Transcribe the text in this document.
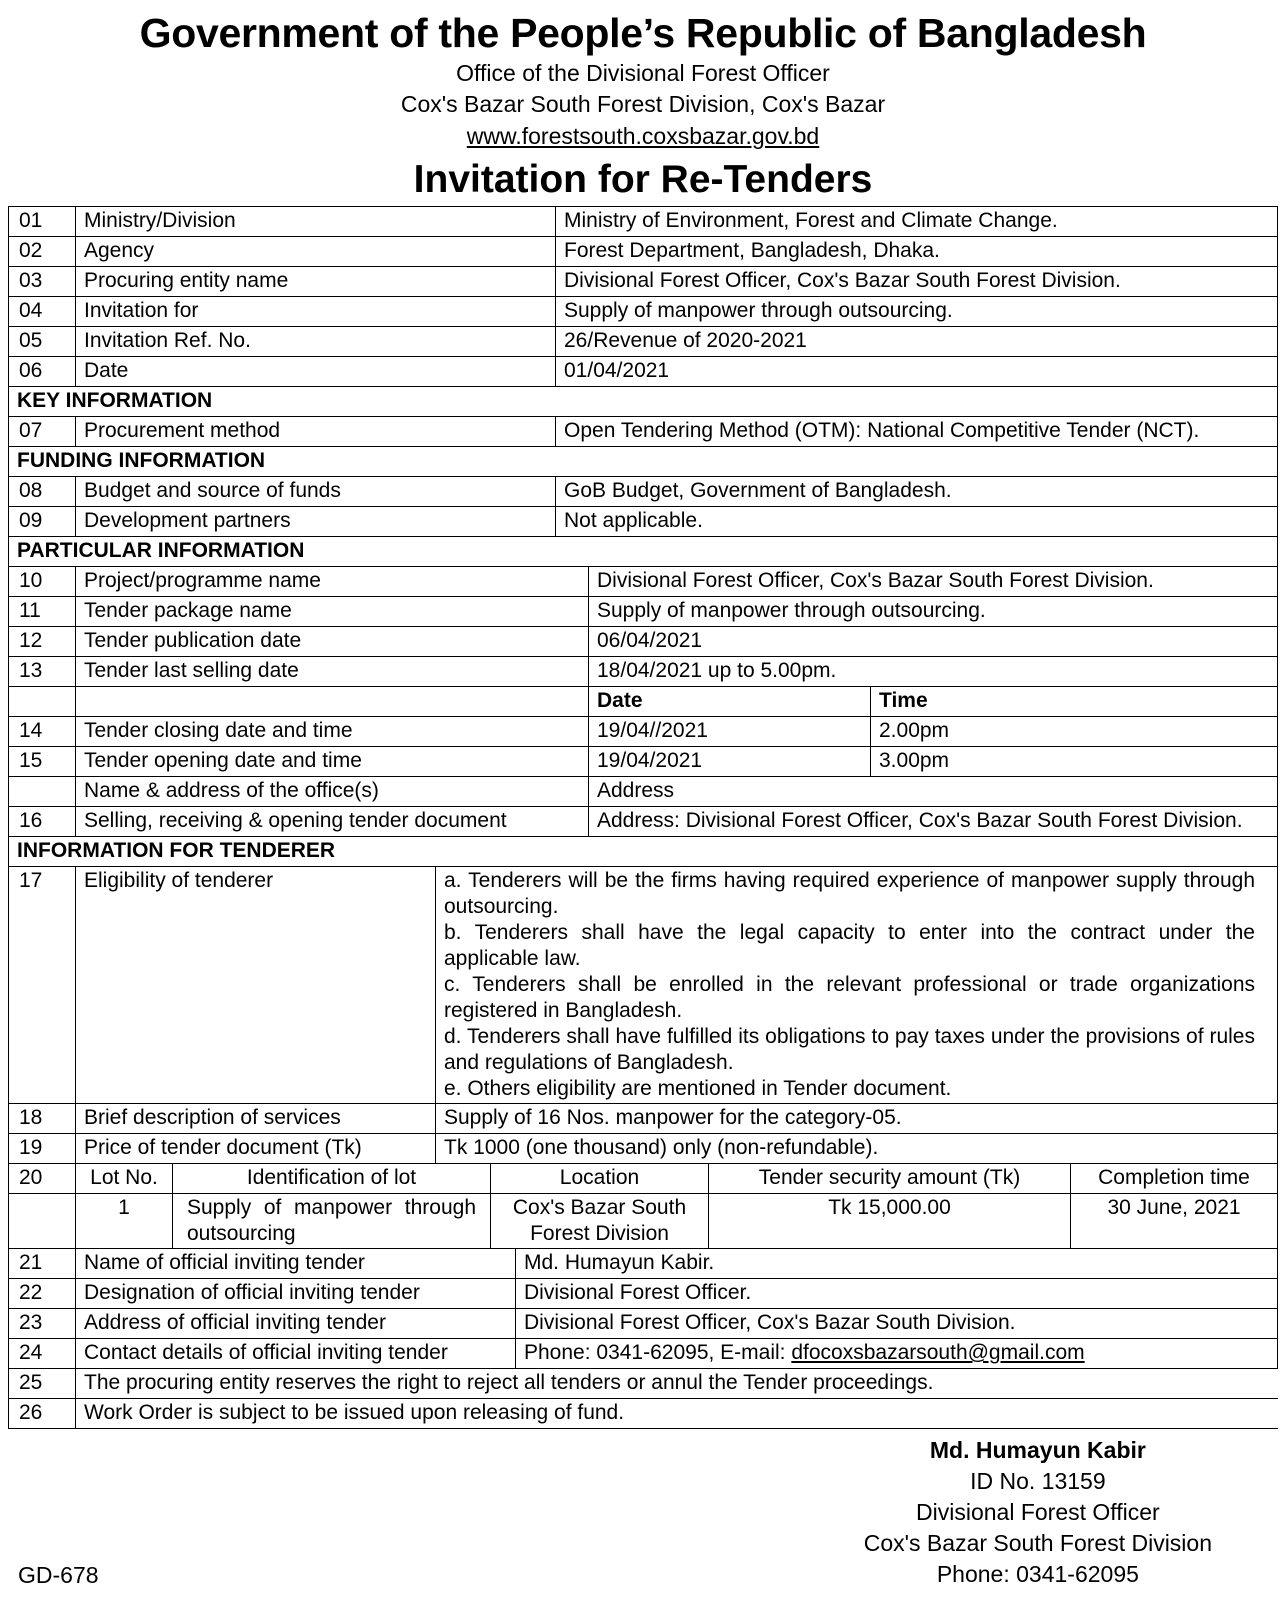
Government of the People’s Republic of Bangladesh
Office of the Divisional Forest Officer
Cox's Bazar South Forest Division, Cox's Bazar
www.forestsouth.coxsbazar.gov.bd
Invitation for Re-Tenders
01	Ministry/Division	Ministry of Environment, Forest and Climate Change.
02	Agency	Forest Department, Bangladesh, Dhaka.
03	Procuring entity name	Divisional Forest Officer, Cox's Bazar South Forest Division.
04	Invitation for	Supply of manpower through outsourcing.
05	Invitation Ref. No.	26/Revenue of 2020-2021
06	Date	01/04/2021
KEY INFORMATION		
07	Procurement method	Open Tendering Method (OTM): National Competitive Tender (NCT).
FUNDING INFORMATION		
08	Budget and source of funds	GoB Budget, Government of Bangladesh.
09	Development partners	Not applicable.
PARTICULAR INFORMATION		
10	Project/programme name	Divisional Forest Officer, Cox's Bazar South Forest Division.	
11	Tender package name	Supply of manpower through outsourcing.	
12	Tender publication date	06/04/2021	
13	Tender last selling date	18/04/2021 up to 5.00pm.	
		Date	Time
14	Tender closing date and time	19/04//2021	2.00pm
15	Tender opening date and time	19/04/2021	3.00pm
	Name & address of the office(s)	Address	
16	Selling, receiving & opening tender document	Address: Divisional Forest Officer, Cox's Bazar South Forest Division.	
INFORMATION FOR TENDERER			
17	Eligibility of tenderer	a. Tenderers will be the firms having required experience of manpower supply through outsourcing.
b. Tenderers shall have the legal capacity to enter into the contract under the applicable law.
c. Tenderers shall be enrolled in the relevant professional or trade organizations registered in Bangladesh.
d. Tenderers shall have fulfilled its obligations to pay taxes under the provisions of rules and regulations of Bangladesh.
e. Others eligibility are mentioned in Tender document.

18	Brief description of services	Supply of 16 Nos. manpower for the category-05.
19	Price of tender document (Tk)	Tk 1000 (one thousand) only (non-refundable).
20	Lot No.	Identification of lot	Location	Tender security amount (Tk)	Completion time
	1	Supply of manpower through outsourcing	Cox's Bazar South Forest Division	Tk 15,000.00	30 June, 2021
21	Name of official inviting tender	Md. Humayun Kabir.
22	Designation of official inviting tender	Divisional Forest Officer.
23	Address of official inviting tender	Divisional Forest Officer, Cox's Bazar South Division.
24	Contact details of official inviting tender	Phone: 0341-62095, E-mail: dfocoxsbazarsouth@gmail.com
25	The procuring entity reserves the right to reject all tenders or annul the Tender proceedings.	
26	Work Order is subject to be issued upon releasing of fund.	
Md. Humayun Kabir
ID No. 13159
Divisional Forest Officer
Cox's Bazar South Forest Division
Phone: 0341-62095
GD-678
